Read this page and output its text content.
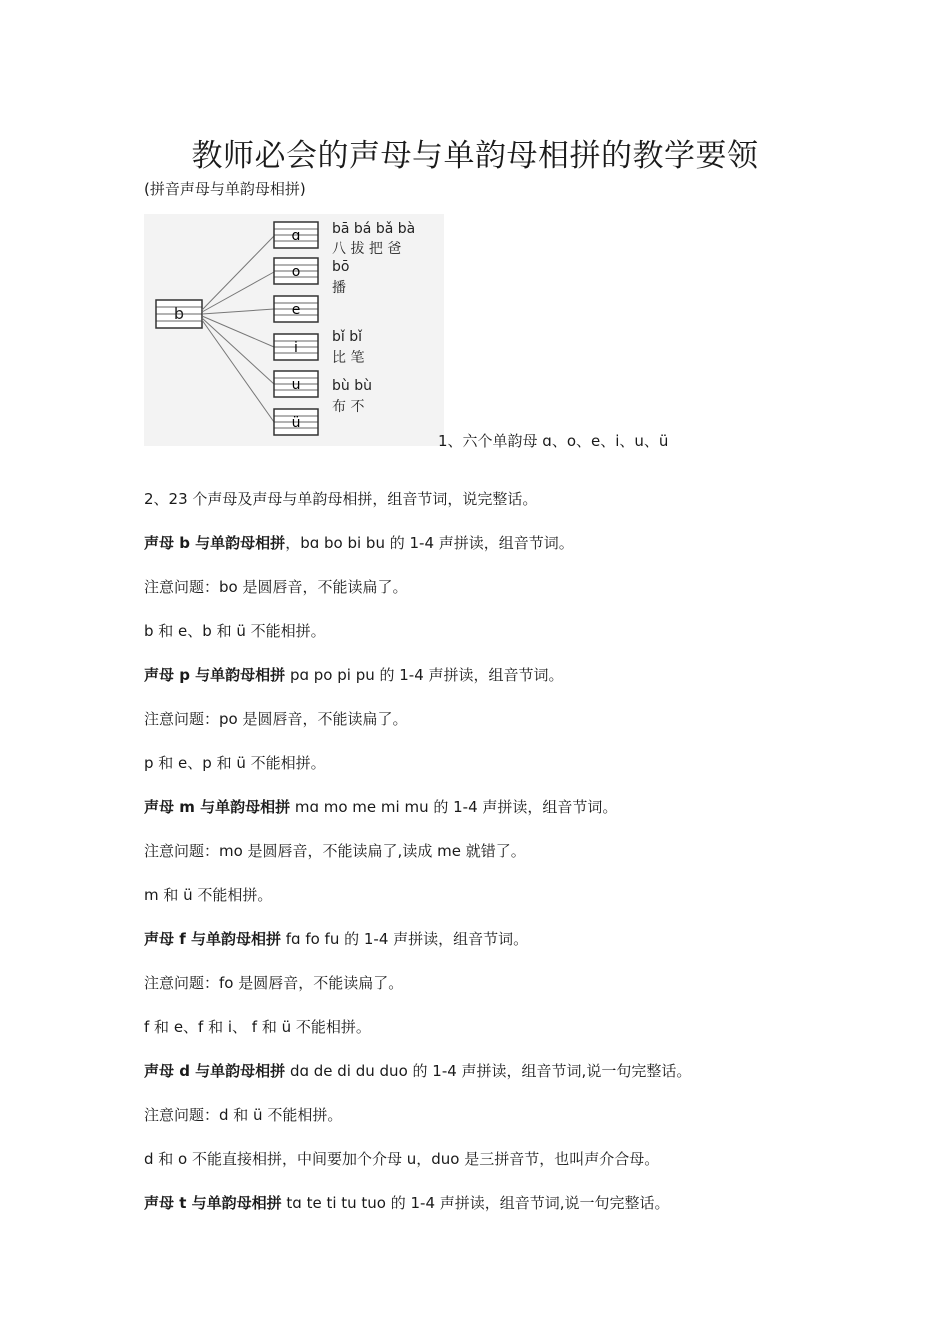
教师必会的声母与单韵母相拼的教学要领
(拼音声母与单韵母相拼)
b
ɑ
o
e
i
u
ü
bā bá bǎ bà
八 拔 把 爸
bō
播
bǐ bǐ
比 笔
bù bù
布 不
1、六个单韵母 ɑ、o、e、i、u、ü
2、23 个声母及声母与单韵母相拼，组音节词，说完整话。
声母 b 与单韵母相拼，bɑ bo bi bu 的 1-4 声拼读，组音节词。
注意问题：bo 是圆唇音，不能读扁了。
b 和 e、b 和 ü 不能相拼。
声母 p 与单韵母相拼 pɑ po pi pu 的 1-4 声拼读，组音节词。
注意问题：po 是圆唇音，不能读扁了。
p 和 e、p 和 ü 不能相拼。
声母 m 与单韵母相拼 mɑ mo me mi mu 的 1-4 声拼读，组音节词。
注意问题：mo 是圆唇音，不能读扁了,读成 me 就错了。
m 和 ü 不能相拼。
声母 f 与单韵母相拼 fɑ fo fu 的 1-4 声拼读，组音节词。
注意问题：fo 是圆唇音，不能读扁了。
f 和 e、f 和 i、 f 和 ü 不能相拼。
声母 d 与单韵母相拼 dɑ de di du duo 的 1-4 声拼读，组音节词,说一句完整话。
注意问题：d 和 ü 不能相拼。
d 和 o 不能直接相拼，中间要加个介母 u，duo 是三拼音节，也叫声介合母。
声母 t 与单韵母相拼 tɑ te ti tu tuo 的 1-4 声拼读，组音节词,说一句完整话。
